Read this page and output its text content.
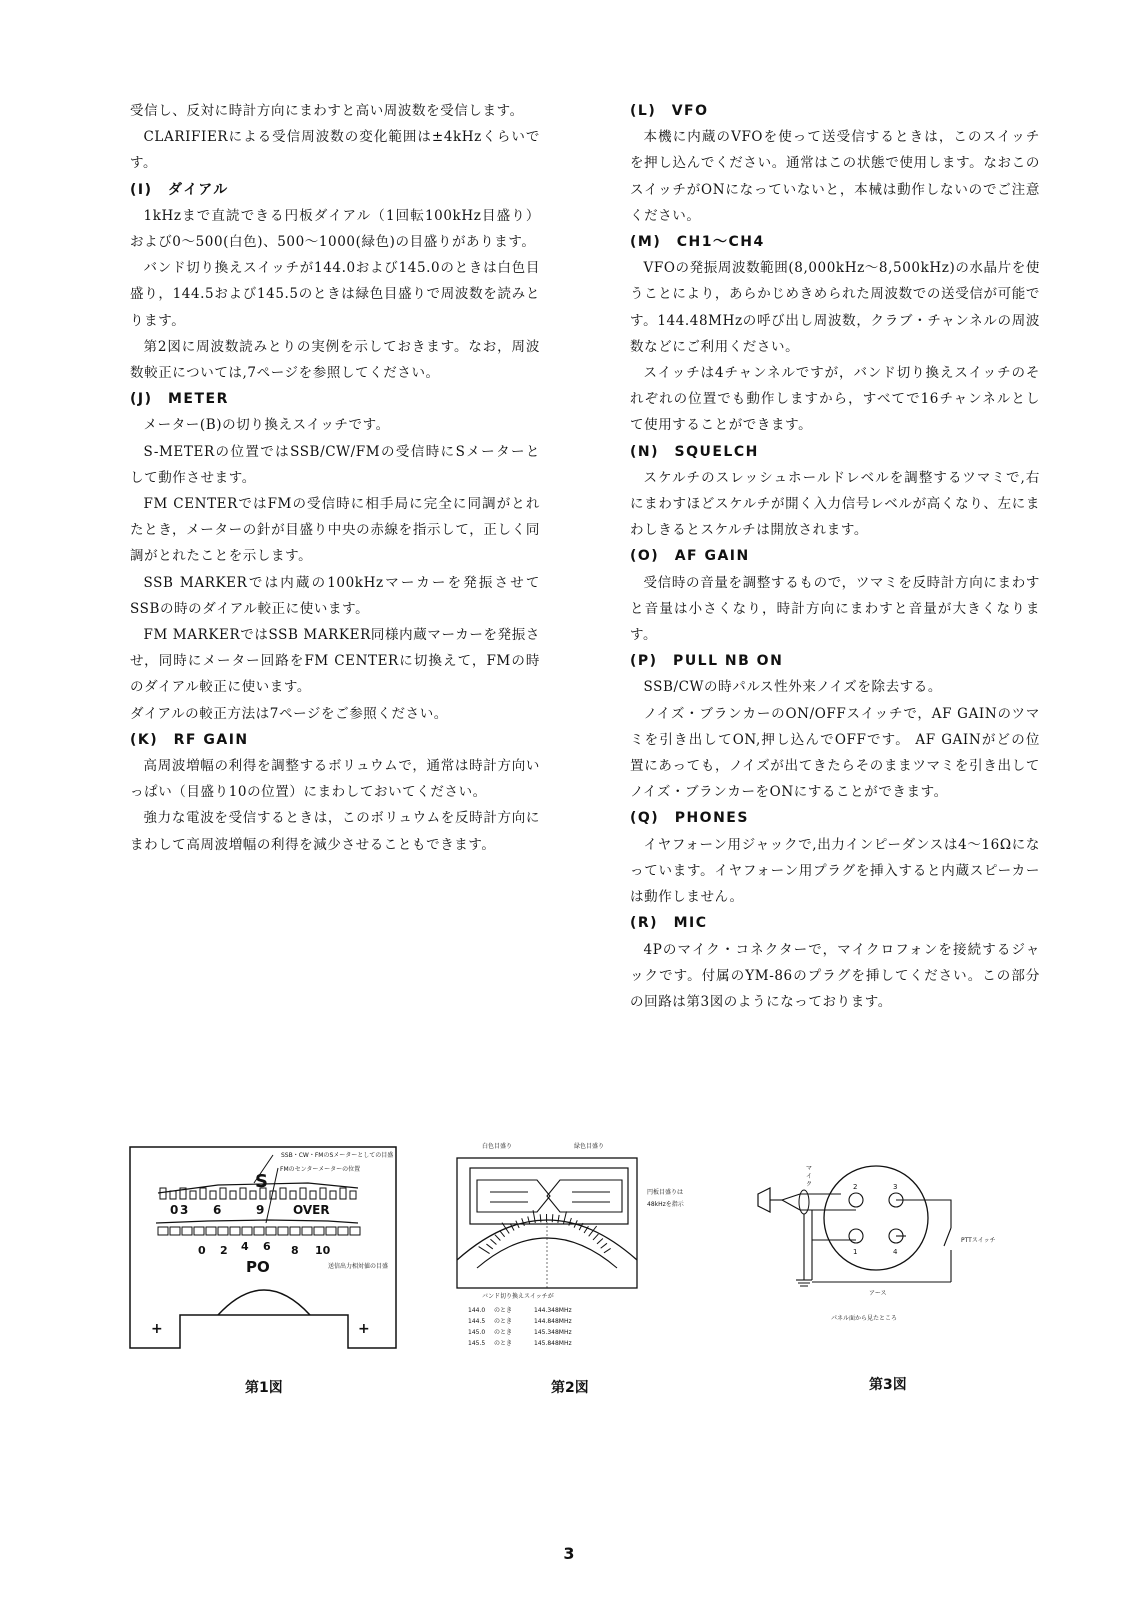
受信し、反対に時計方向にまわすと高い周波数を受信します。

CLARIFIERによる受信周波数の変化範囲は±4kHzくらいです。

(I)　ダイアル

1kHzまで直読できる円板ダイアル（1回転100kHz目盛り）および0〜500(白色)、500〜1000(緑色)の目盛りがあります。

バンド切り換えスイッチが144.0および145.0のときは白色目盛り，144.5および145.5のときは緑色目盛りで周波数を読みとります。

第2図に周波数読みとりの実例を示しておきます。なお，周波数較正については,7ページを参照してください。

(J)　METER

メーター(B)の切り換えスイッチです。

S-METERの位置ではSSB/CW/FMの受信時にSメーターとして動作させます。

FM CENTERではFMの受信時に相手局に完全に同調がとれたとき，メーターの針が目盛り中央の赤線を指示して，正しく同調がとれたことを示します。

SSB MARKERでは内蔵の100kHzマーカーを発振させてSSBの時のダイアル較正に使います。

FM MARKERではSSB MARKER同様内蔵マーカーを発振させ，同時にメーター回路をFM CENTERに切換えて，FMの時のダイアル較正に使います。

ダイアルの較正方法は7ページをご参照ください。

(K)　RF GAIN

高周波増幅の利得を調整するボリュウムで，通常は時計方向いっぱい（目盛り10の位置）にまわしておいてください。

強力な電波を受信するときは，このボリュウムを反時計方向にまわして高周波増幅の利得を減少させることもできます。

(L)　VFO

本機に内蔵のVFOを使って送受信するときは，このスイッチを押し込んでください。通常はこの状態で使用します。なおこのスイッチがONになっていないと，本械は動作しないのでご注意ください。

(M)　CH1〜CH4

VFOの発振周波数範囲(8,000kHz〜8,500kHz)の水晶片を使うことにより，あらかじめきめられた周波数での送受信が可能です。144.48MHzの呼び出し周波数，クラブ・チャンネルの周波数などにご利用ください。

スイッチは4チャンネルですが，バンド切り換えスイッチのそれぞれの位置でも動作しますから，すべてで16チャンネルとして使用することができます。

(N)　SQUELCH

スケルチのスレッシュホールドレベルを調整するツマミで,右にまわすほどスケルチが開く入力信号レベルが高くなり、左にまわしきるとスケルチは開放されます。

(O)　AF GAIN

受信時の音量を調整するもので，ツマミを反時計方向にまわすと音量は小さくなり，時計方向にまわすと音量が大きくなります。

(P)　PULL NB ON

SSB/CWの時パルス性外来ノイズを除去する。

ノイズ・ブランカーのON/OFFスイッチで，AF GAINのツマミを引き出してON,押し込んでOFFです。 AF GAINがどの位置にあっても，ノイズが出てきたらそのままツマミを引き出してノイズ・ブランカーをONにすることができます。

(Q)　PHONES

イヤフォーン用ジャックで,出力インピーダンスは4〜16Ωになっています。イヤフォーン用プラグを挿入すると内蔵スピーカーは動作しません。

(R)　MIC

4Pのマイク・コネクターで，マイクロフォンを接続するジャックです。付属のYM-86のプラグを挿してください。この部分の回路は第3図のようになっております。

SSB・CW・FMのSメーターとしての目盛
FMのセンターメーターの位置
S
0 3 6	9 OVER
0 2 4 6 8 10
PO	送信出力相対値の目盛
+	+
第1図
白色目盛り	緑色目盛り
円板目盛りは
48kHzを指示
バンド切り換えスイッチが
144.0 のとき	144.348MHz
144.5 のとき	144.848MHz
145.0 のとき	145.348MHz
145.5 のとき	145.848MHz
第2図
マイク	2	3
1	4
PTTスイッチ
アース
パネル面から見たところ
第3図
3
